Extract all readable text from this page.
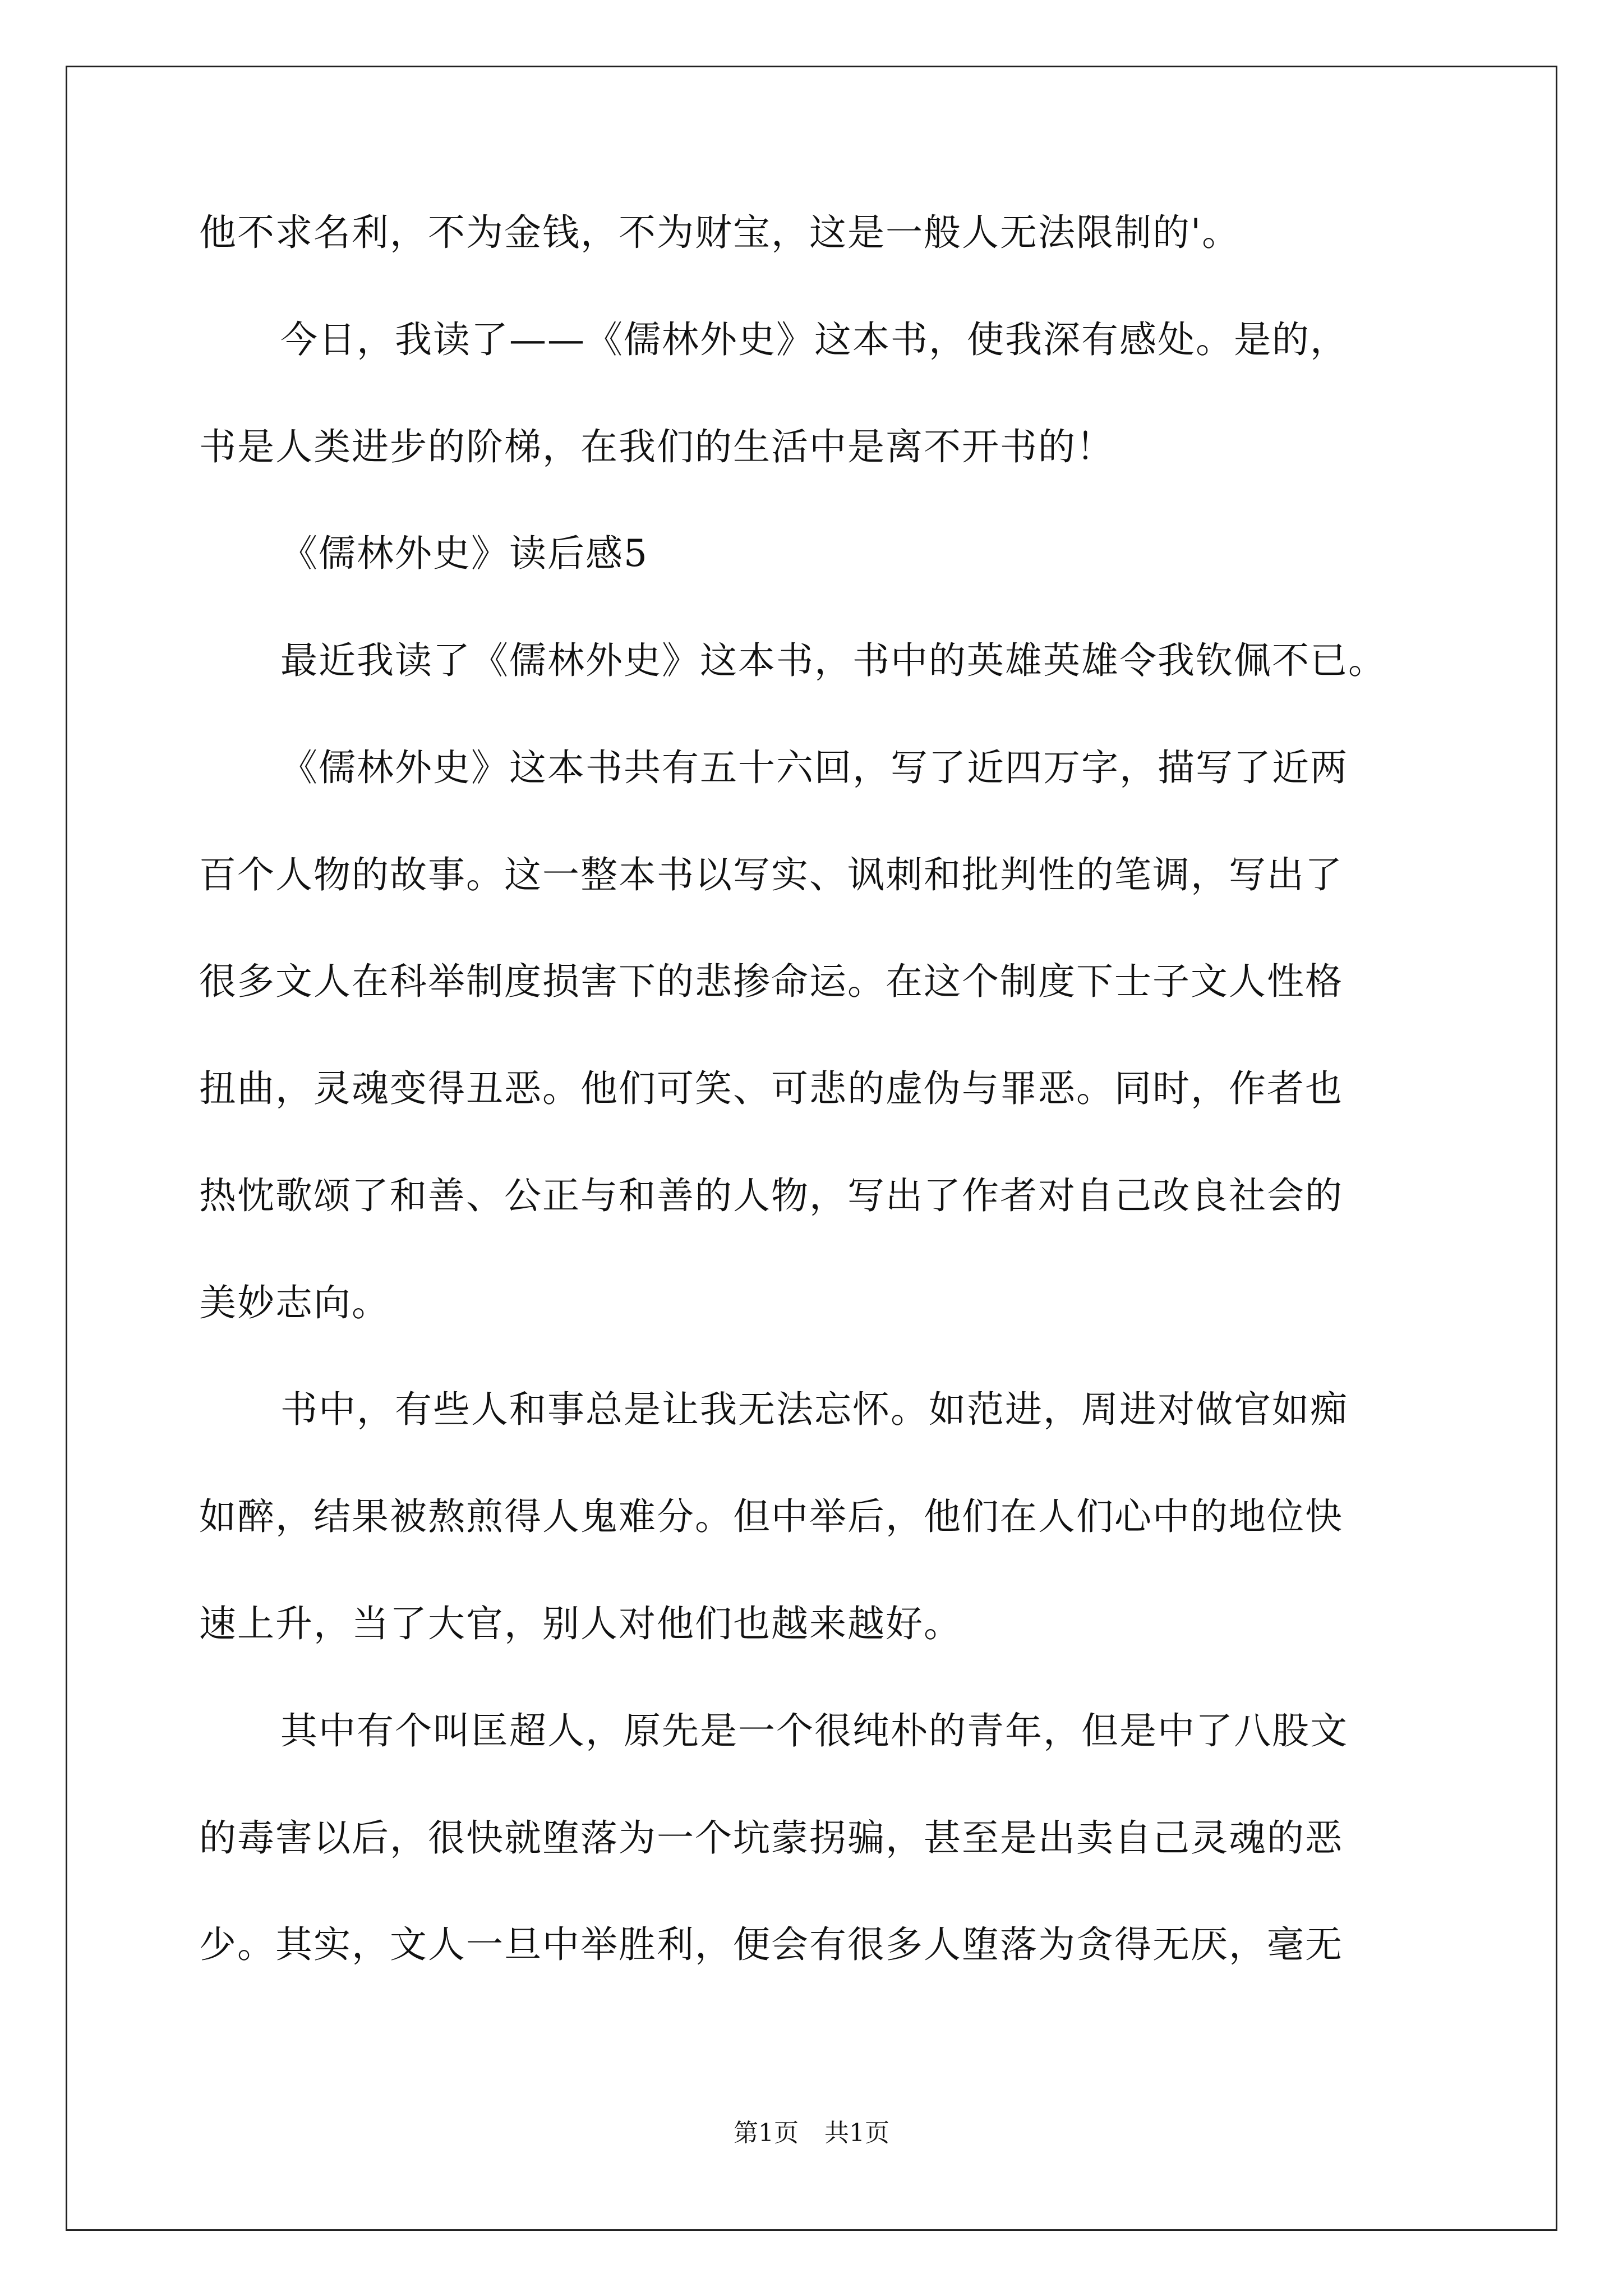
他不求名利，不为金钱，不为财宝，这是一般人无法限制的'。
今日，我读了——《儒林外史》这本书，使我深有感处。是的，
书是人类进步的阶梯，在我们的生活中是离不开书的！
《儒林外史》读后感5
最近我读了《儒林外史》这本书，书中的英雄英雄令我钦佩不已。
《儒林外史》这本书共有五十六回，写了近四万字，描写了近两
百个人物的故事。这一整本书以写实、讽刺和批判性的笔调，写出了
很多文人在科举制度损害下的悲掺命运。在这个制度下士子文人性格
扭曲，灵魂变得丑恶。他们可笑、可悲的虚伪与罪恶。同时，作者也
热忱歌颂了和善、公正与和善的人物，写出了作者对自己改良社会的
美妙志向。
书中，有些人和事总是让我无法忘怀。如范进，周进对做官如痴
如醉，结果被熬煎得人鬼难分。但中举后，他们在人们心中的地位快
速上升，当了大官，别人对他们也越来越好。
其中有个叫匡超人，原先是一个很纯朴的青年，但是中了八股文
的毒害以后，很快就堕落为一个坑蒙拐骗，甚至是出卖自己灵魂的恶
少。其实，文人一旦中举胜利，便会有很多人堕落为贪得无厌，毫无
第1页 共1页
